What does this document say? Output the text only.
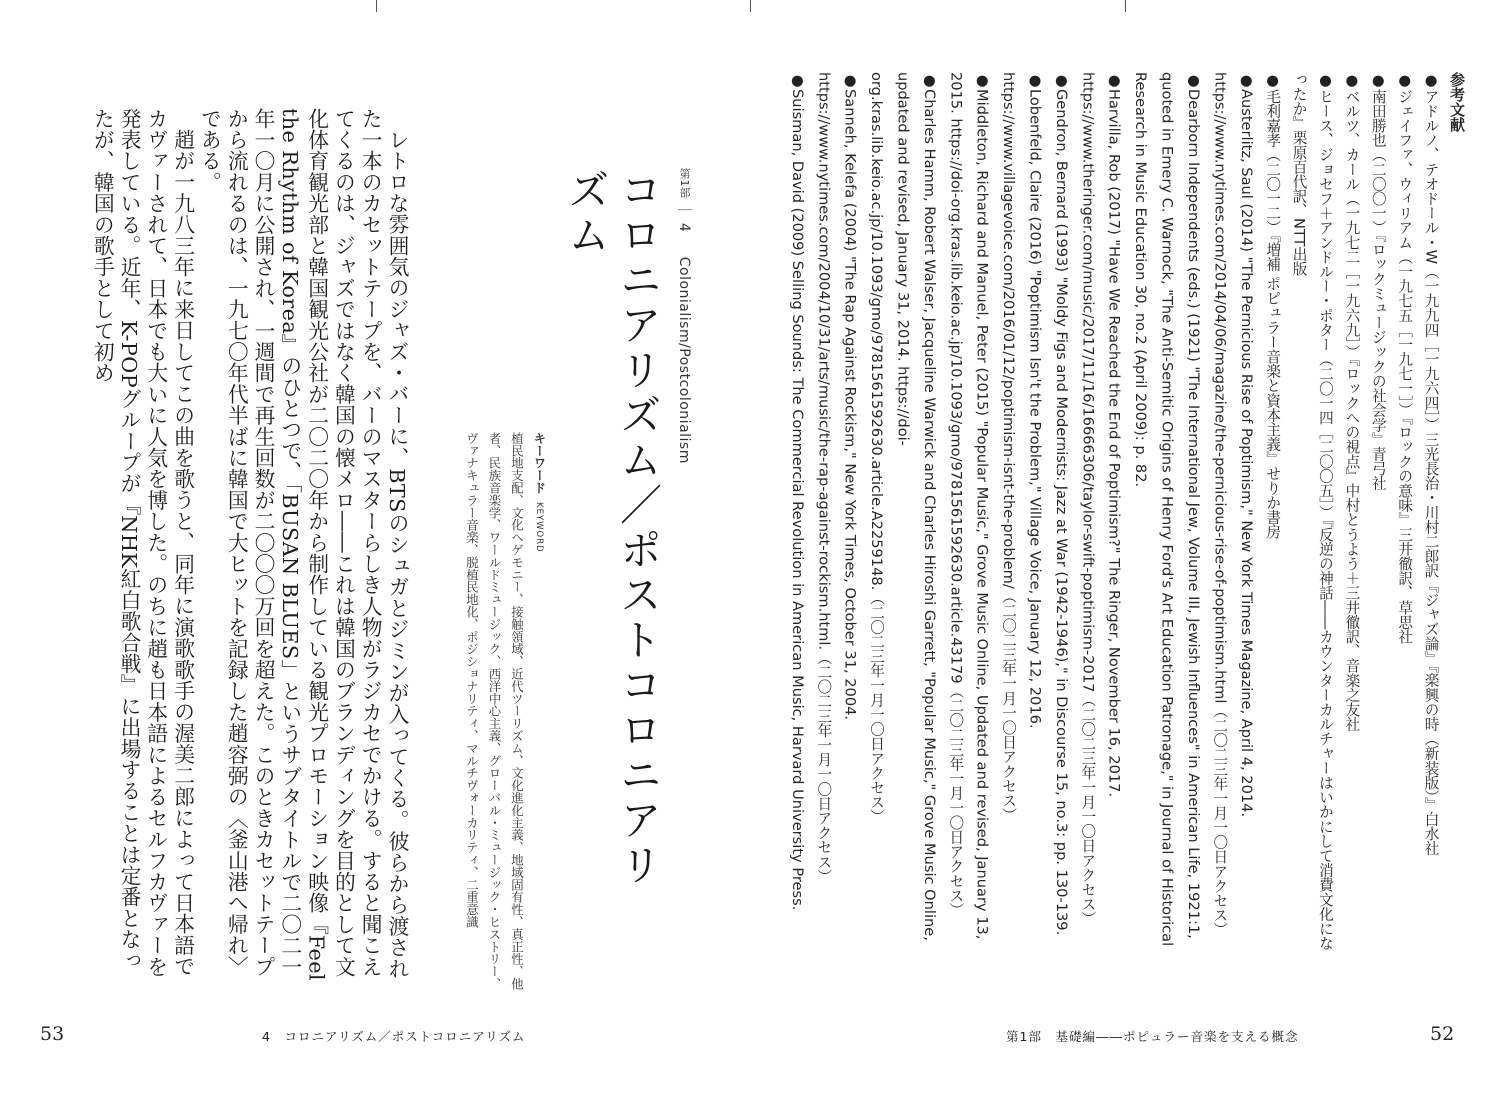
第1部 ｜ 4 　 Colonialism/Postcolonialism
コロニアリズム／ポストコロニアリズム
キーワード KEYWORD
植民地支配、文化ヘゲモニー、接触領域、近代ツーリズム、文化進化主義、地域固有性、真正性、他者、民族音楽学、ワールドミュージック、西洋中心主義、グローバル・ミュージック・ヒストリー、ヴァナキュラー音楽、脱植民地化、ポジショナリティ、マルチヴォーカリティ、二重意識

レトロな雰囲気のジャズ・バーに、BTSのシュガとジミンが入ってくる。彼らから渡された一本のカセットテープを、バーのマスターらしき人物がラジカセでかける。すると聞こえてくるのは、ジャズではなく韓国の懐メロ――これは韓国のブランディングを目的として文化体育観光部と韓国観光公社が二〇二〇年から制作している観光プロモーション映像『Feel the Rhythm of Korea』のひとつで、「BUSAN BLUES」というサブタイトルで二〇二一年一〇月に公開され、一週間で再生回数が二〇〇〇万回を超えた。このときカセットテープから流れるのは、一九七〇年代半ばに韓国で大ヒットを記録した趙容弼の〈釜山港へ帰れ〉である。

趙が一九八三年に来日してこの曲を歌うと、同年に演歌歌手の渥美二郎によって日本語でカヴァーされて、日本でも大いに人気を博した。のちに趙も日本語によるセルフカヴァーを発表している。近年、K-POPグループが『NHK紅白歌合戦』に出場することは定番となったが、韓国の歌手として初め

53	4　コロニアリズム／ポストコロニアリズム
参考文献
●アドルノ、テオドール・W（一九九四［一九六四］）三光長治・川村二郎訳『ジャズ論』『楽興の時（新装版）』白水社
●ジェイファ、ウィリアム（一九七五［一九七一］）『ロックの意味』三井徹訳、草思社
●南田勝也（二〇〇一）『ロックミュージックの社会学』青弓社
●ベルツ、カール（一九七二［一九六九］）『ロックへの視点』中村とうよう＋三井徹訳、音楽之友社
●ヒース、ジョセフ＋アンドルー・ポター（二〇一四［二〇〇五］）『反逆の神話――カウンターカルチャーはいかにして消費文化になったか』栗原百代訳、NTT出版
●毛利嘉孝（二〇一二）『増補 ポピュラー音楽と資本主義』せりか書房
●Austerlitz, Saul (2014) "The Pernicious Rise of Poptimism," New York Times Magazine, April 4, 2014. https://www.nytimes.com/2014/04/06/magazine/the-pernicious-rise-of-poptimism.html（二〇二三年一月一〇日アクセス）
●Dearborn Independents (eds.) (1921) "The International Jew, Volume III, Jewish Influences" in American Life, 1921:1, quoted in Emery C. Warnock, "The Anti-Semitic Origins of Henry Ford's Art Education Patronage," in Journal of Historical Research in Music Education 30, no.2 (April 2009): p. 82.
●Harvilla, Rob (2017) "Have We Reached the End of Poptimism?" The Ringer, November 16, 2017. https://www.theringer.com/music/2017/11/16/16666306/taylor-swift-poptimism-2017（二〇二三年一月一〇日アクセス）
●Gendron, Bernard (1993) "Moldy Figs and Modernists: Jazz at War (1942-1946)," in Discourse 15, no.3: pp. 130-139.
●Lobenfeld, Claire (2016) "Poptimism Isn't the Problem," Village Voice, January 12, 2016. https://www.villagevoice.com/2016/01/12/poptimism-isnt-the-problem/（二〇二三年一月一〇日アクセス）
●Middleton, Richard and Manuel, Peter (2015) "Popular Music," Grove Music Online, Updated and revised, January 13, 2015. https://doi-org.kras.lib.keio.ac.jp/10.1093/gmo/9781561592630.article.43179（二〇二三年一月一〇日アクセス）
●Charles Hamm, Robert Walser, Jacqueline Warwick and Charles Hiroshi Garrett, "Popular Music," Grove Music Online, updated and revised, January 31, 2014. https://doi-org.kras.lib.keio.ac.jp/10.1093/gmo/9781561592630.article.A2259148.（二〇二三年一月一〇日アクセス）
●Sanneh, Kelefa (2004) "The Rap Against Rockism," New York Times, October 31, 2004. https://www.nytimes.com/2004/10/31/arts/music/the-rap-against-rockism.html.（二〇二三年一月一〇日アクセス）
●Suisman, David (2009) Selling Sounds: The Commercial Revolution in American Music, Harvard University Press.
第1部　基礎編――ポピュラー音楽を支える概念	52
